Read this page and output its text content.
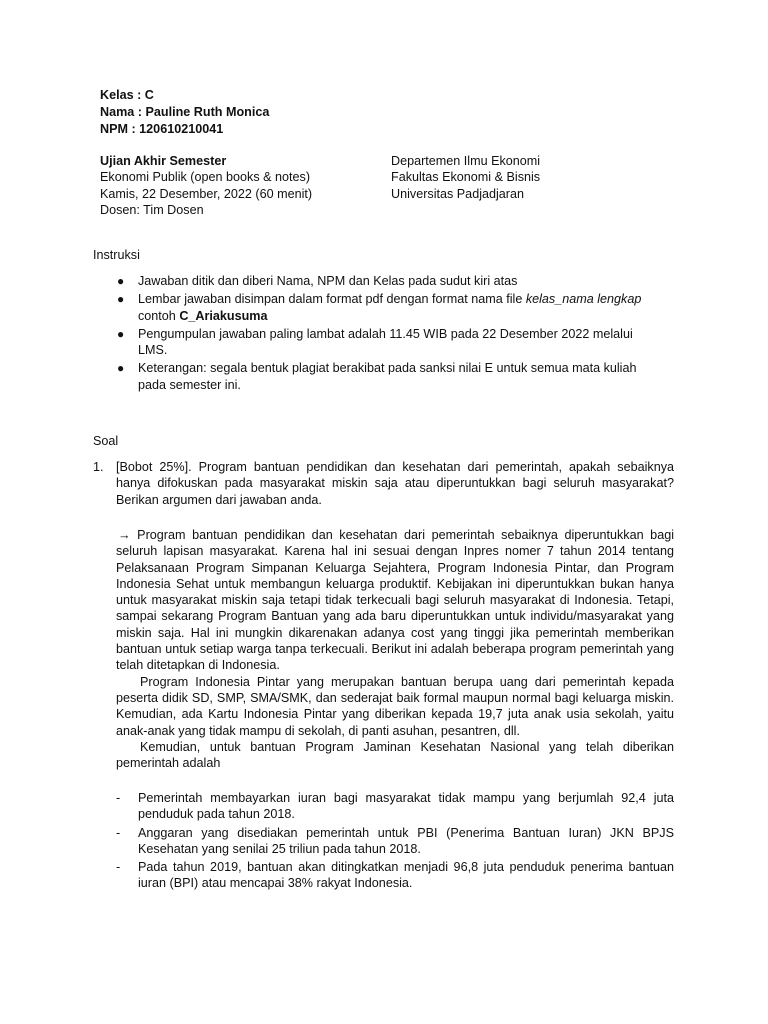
Kelas : C
Nama : Pauline Ruth Monica
NPM : 120610210041
Ujian Akhir Semester
Ekonomi Publik (open books & notes)
Kamis, 22 Desember, 2022 (60 menit)
Dosen: Tim Dosen
Departemen Ilmu Ekonomi
Fakultas Ekonomi & Bisnis
Universitas Padjadjaran
Instruksi
● Jawaban ditik dan diberi Nama, NPM dan Kelas pada sudut kiri atas
● Lembar jawaban disimpan dalam format pdf dengan format nama file kelas_nama lengkap
contoh C_Ariakusuma
● Pengumpulan jawaban paling lambat adalah 11.45 WIB pada 22 Desember 2022 melalui LMS.
● Keterangan: segala bentuk plagiat berakibat pada sanksi nilai E untuk semua mata kuliah pada semester ini.
Soal
1. [Bobot 25%]. Program bantuan pendidikan dan kesehatan dari pemerintah, apakah sebaiknya hanya difokuskan pada masyarakat miskin saja atau diperuntukkan bagi seluruh masyarakat? Berikan argumen dari jawaban anda.

→ Program bantuan pendidikan dan kesehatan dari pemerintah sebaiknya diperuntukkan bagi seluruh lapisan masyarakat. Karena hal ini sesuai dengan Inpres nomer 7 tahun 2014 tentang Pelaksanaan Program Simpanan Keluarga Sejahtera, Program Indonesia Pintar, dan Program Indonesia Sehat untuk membangun keluarga produktif. Kebijakan ini diperuntukkan bukan hanya untuk masyarakat miskin saja tetapi tidak terkecuali bagi seluruh masyarakat di Indonesia. Tetapi, sampai sekarang Program Bantuan yang ada baru diperuntukkan untuk individu/masyarakat yang miskin saja. Hal ini mungkin dikarenakan adanya cost yang tinggi jika pemerintah memberikan bantuan untuk setiap warga tanpa terkecuali. Berikut ini adalah beberapa program pemerintah yang telah ditetapkan di Indonesia.

Program Indonesia Pintar yang merupakan bantuan berupa uang dari pemerintah kepada peserta didik SD, SMP, SMA/SMK, dan sederajat baik formal maupun normal bagi keluarga miskin. Kemudian, ada Kartu Indonesia Pintar yang diberikan kepada 19,7 juta anak usia sekolah, yaitu anak-anak yang tidak mampu di sekolah, di panti asuhan, pesantren, dll.

Kemudian, untuk bantuan Program Jaminan Kesehatan Nasional yang telah diberikan pemerintah adalah

- Pemerintah membayarkan iuran bagi masyarakat tidak mampu yang berjumlah 92,4 juta penduduk pada tahun 2018.
- Anggaran yang disediakan pemerintah untuk PBI (Penerima Bantuan Iuran) JKN BPJS Kesehatan yang senilai 25 triliun pada tahun 2018.
- Pada tahun 2019, bantuan akan ditingkatkan menjadi 96,8 juta penduduk penerima bantuan iuran (BPI) atau mencapai 38% rakyat Indonesia.
